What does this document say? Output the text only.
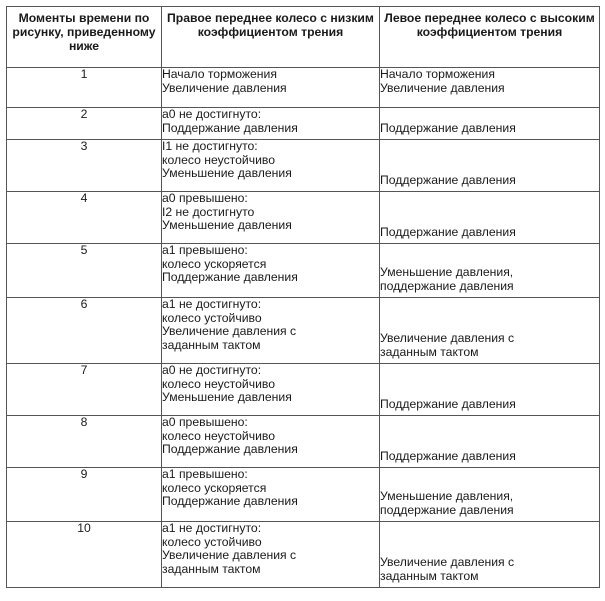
Моменты времени по рисунку, приведенному ниже	Правое переднее колесо с низким коэффициентом трения	Левое переднее колесо с высоким коэффициентом трения
1	Начало торможения
Увеличение давления	Начало торможения
Увеличение давления

2	a0 не достигнуто:
Поддержание давления	Поддержание давления

3	I1 не достигнуто:
колесо неустойчиво
Уменьшение давления	Поддержание давления

4	a0 превышено:
I2 не достигнуто
Уменьшение давления	Поддержание давления

5	a1 превышено:
колесо ускоряется
Поддержание давления	Уменьшение давления,
поддержание давления

6	a1 не достигнуто:
колесо устойчиво
Увеличение давления с
заданным тактом	Увеличение давления с
заданным тактом

7	a0 не достигнуто:
колесо неустойчиво
Уменьшение давления	Поддержание давления

8	a0 превышено:
колесо неустойчиво
Поддержание давления	Поддержание давления

9	a1 превышено:
колесо ускоряется
Поддержание давления	Уменьшение давления,
поддержание давления

10	a1 не достигнуто:
колесо устойчиво
Увеличение давления с
заданным тактом	Увеличение давления с
заданным тактом
